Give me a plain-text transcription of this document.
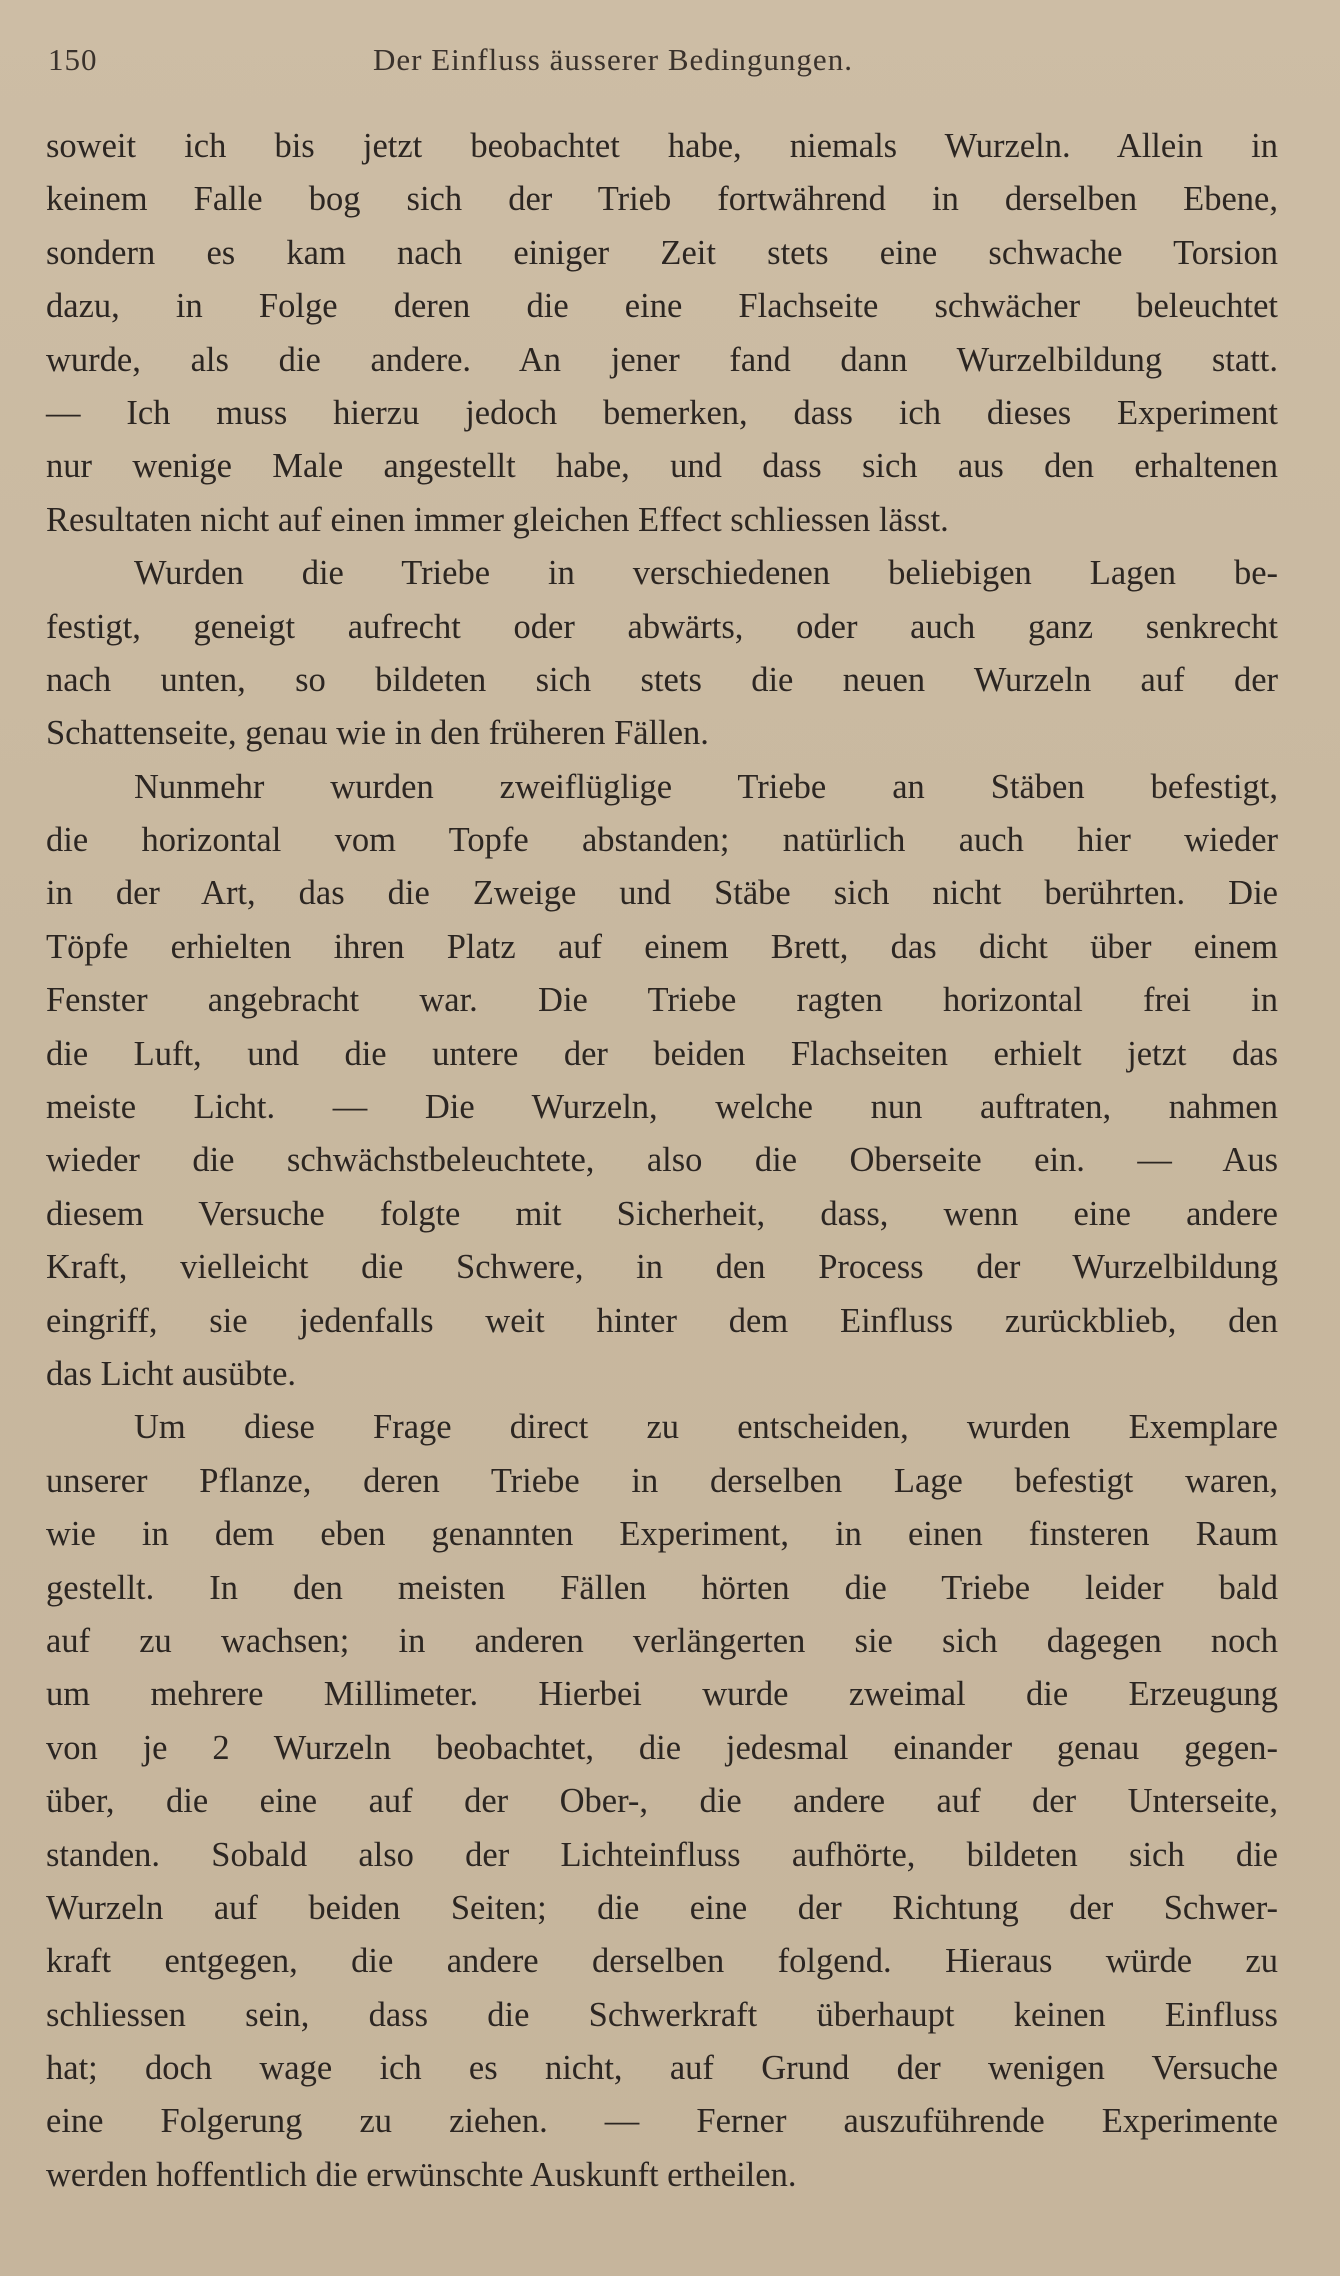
150	Der Einfluss äusserer Bedingungen.
soweit ich bis jetzt beobachtet habe, niemals Wurzeln. Allein in
keinem Falle bog sich der Trieb fortwährend in derselben Ebene,
sondern es kam nach einiger Zeit stets eine schwache Torsion
dazu, in Folge deren die eine Flachseite schwächer beleuchtet
wurde, als die andere. An jener fand dann Wurzelbildung statt.
— Ich muss hierzu jedoch bemerken, dass ich dieses Experiment
nur wenige Male angestellt habe, und dass sich aus den erhaltenen
Resultaten nicht auf einen immer gleichen Effect schliessen lässt.
Wurden die Triebe in verschiedenen beliebigen Lagen be-
festigt, geneigt aufrecht oder abwärts, oder auch ganz senkrecht
nach unten, so bildeten sich stets die neuen Wurzeln auf der
Schattenseite, genau wie in den früheren Fällen.
Nunmehr wurden zweiflüglige Triebe an Stäben befestigt,
die horizontal vom Topfe abstanden; natürlich auch hier wieder
in der Art, das die Zweige und Stäbe sich nicht berührten. Die
Töpfe erhielten ihren Platz auf einem Brett, das dicht über einem
Fenster angebracht war. Die Triebe ragten horizontal frei in
die Luft, und die untere der beiden Flachseiten erhielt jetzt das
meiste Licht. — Die Wurzeln, welche nun auftraten, nahmen
wieder die schwächstbeleuchtete, also die Oberseite ein. — Aus
diesem Versuche folgte mit Sicherheit, dass, wenn eine andere
Kraft, vielleicht die Schwere, in den Process der Wurzelbildung
eingriff, sie jedenfalls weit hinter dem Einfluss zurückblieb, den
das Licht ausübte.
Um diese Frage direct zu entscheiden, wurden Exemplare
unserer Pflanze, deren Triebe in derselben Lage befestigt waren,
wie in dem eben genannten Experiment, in einen finsteren Raum
gestellt. In den meisten Fällen hörten die Triebe leider bald
auf zu wachsen; in anderen verlängerten sie sich dagegen noch
um mehrere Millimeter. Hierbei wurde zweimal die Erzeugung
von je 2 Wurzeln beobachtet, die jedesmal einander genau gegen-
über, die eine auf der Ober-, die andere auf der Unterseite,
standen. Sobald also der Lichteinfluss aufhörte, bildeten sich die
Wurzeln auf beiden Seiten; die eine der Richtung der Schwer-
kraft entgegen, die andere derselben folgend. Hieraus würde zu
schliessen sein, dass die Schwerkraft überhaupt keinen Einfluss
hat; doch wage ich es nicht, auf Grund der wenigen Versuche
eine Folgerung zu ziehen. — Ferner auszuführende Experimente
werden hoffentlich die erwünschte Auskunft ertheilen.
